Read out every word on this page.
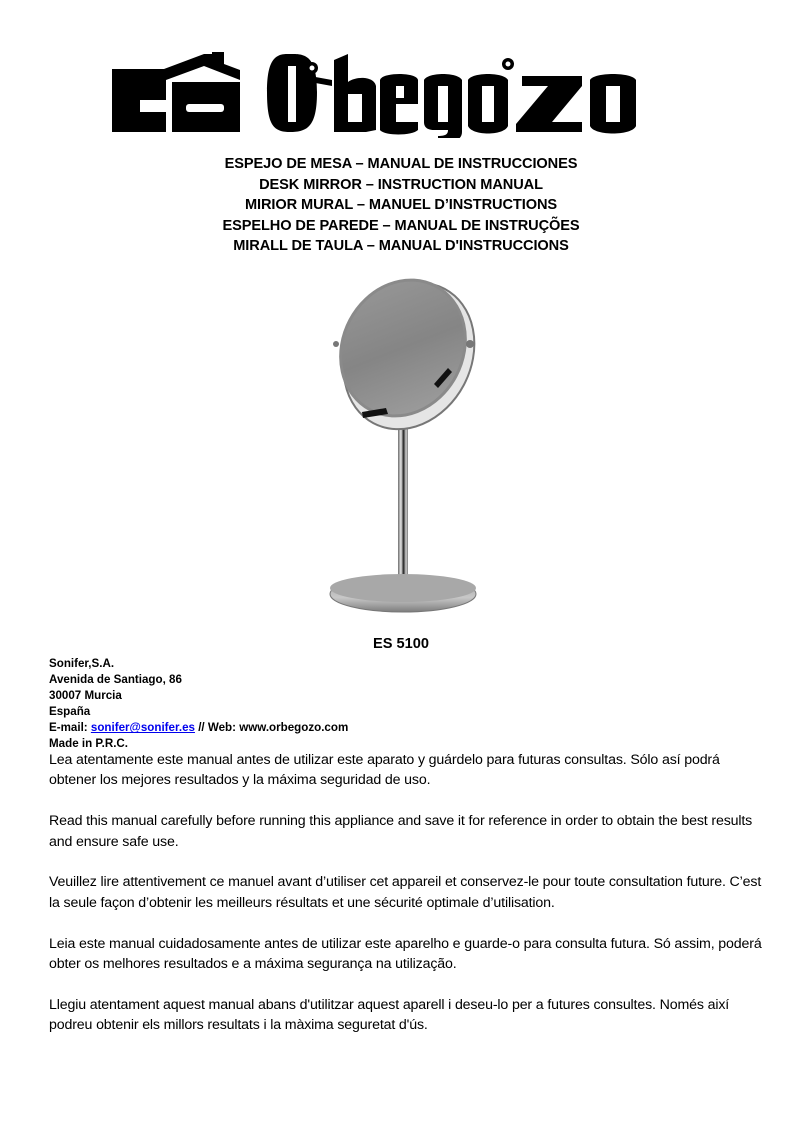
ESPEJO DE MESA – MANUAL DE INSTRUCCIONES
DESK MIRROR – INSTRUCTION MANUAL
MIRIOR MURAL – MANUEL D’INSTRUCTIONS
ESPELHO DE PAREDE – MANUAL DE INSTRUÇÕES
MIRALL DE TAULA – MANUAL D'INSTRUCCIONS
ES 5100
Sonifer,S.A.
Avenida de Santiago, 86
30007 Murcia
España
E-mail: sonifer@sonifer.es // Web: www.orbegozo.com
Made in P.R.C.

Lea atentamente este manual antes de utilizar este aparato y guárdelo para futuras consultas. Sólo así podrá obtener los mejores resultados y la máxima seguridad de uso.

Read this manual carefully before running this appliance and save it for reference in order to obtain the best results and ensure safe use.

Veuillez lire attentivement ce manuel avant d’utiliser cet appareil et conservez-le pour toute consultation future. C’est la seule façon d’obtenir les meilleurs résultats et une sécurité optimale d’utilisation.

Leia este manual cuidadosamente antes de utilizar este aparelho e guarde-o para consulta futura. Só assim, poderá obter os melhores resultados e a máxima segurança na utilização.

Llegiu atentament aquest manual abans d'utilitzar aquest aparell i deseu-lo per a futures consultes. Només així podreu obtenir els millors resultats i la màxima seguretat d'ús.
